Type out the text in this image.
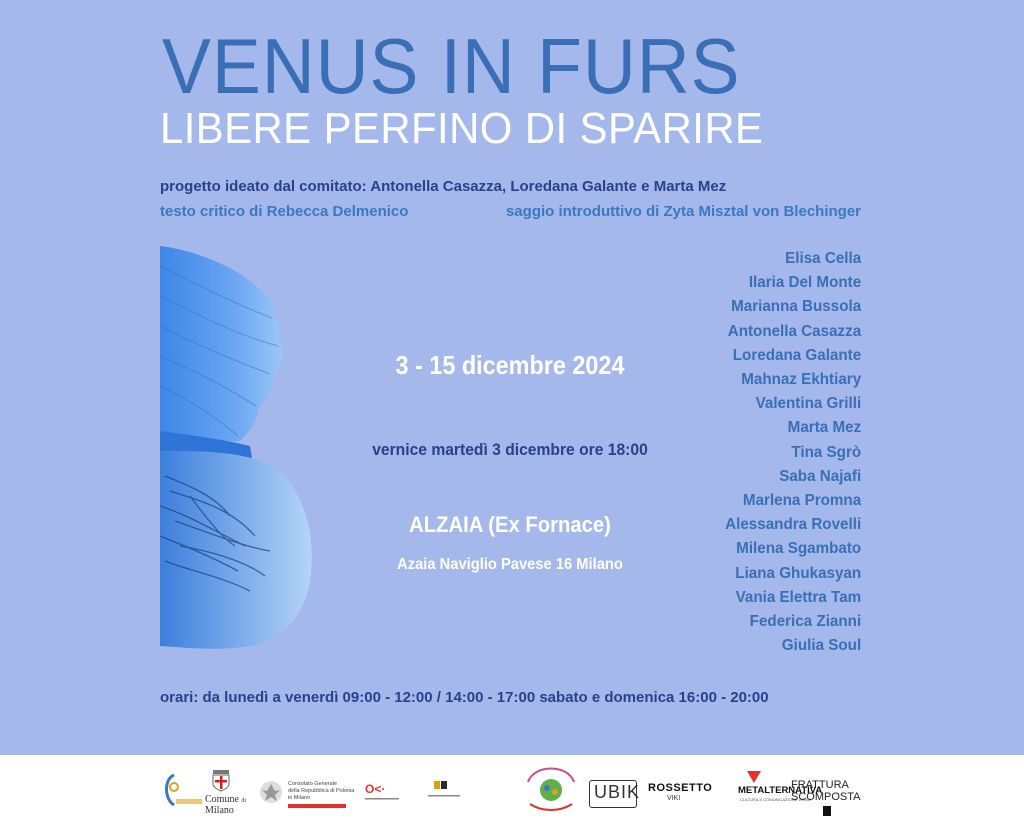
VENUS IN FURS
LIBERE PERFINO DI SPARIRE
progetto ideato dal comitato: Antonella Casazza, Loredana Galante e Marta Mez
testo critico di Rebecca Delmenico	saggio introduttivo di Zyta Misztal von Blechinger
3 - 15 dicembre 2024
vernice martedì 3 dicembre ore 18:00
ALZAIA (Ex Fornace)
Azaia Naviglio Pavese 16 Milano
Elisa Cella
Ilaria Del Monte
Marianna Bussola
Antonella Casazza
Loredana Galante
Mahnaz Ekhtiary
Valentina Grilli
Marta Mez
Tina Sgrò
Saba Najafi
Marlena Promna
Alessandra Rovelli
Milena Sgambato
Liana Ghukasyan
Vania Elettra Tam
Federica Zianni
Giulia Soul
orari: da lunedì a venerdì 09:00 - 12:00 / 14:00 - 17:00 sabato e domenica 16:00 - 20:00
Comune di
Milano
Consolato Generale
della Repubblica di Polonia
in Milano
O<·	UBIK ROSSETTO
VIKI
METALTERNATIVA
CULTURA E COMUNICAZIONE VISIVA
FRATTURA
SCOMPOSTA
